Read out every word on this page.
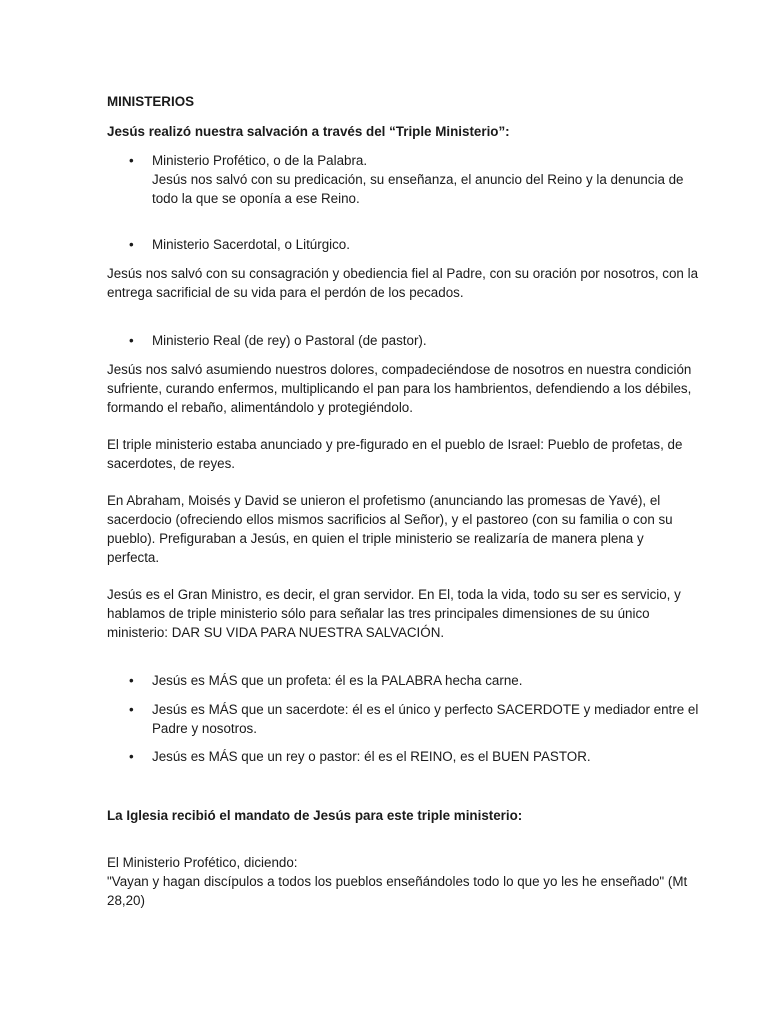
MINISTERIOS

Jesús realizó nuestra salvación a través del “Triple Ministerio”:

• Ministerio Profético, o de la Palabra.
Jesús nos salvó con su predicación, su enseñanza, el anuncio del Reino y la denuncia de
todo la que se oponía a ese Reino.
• Ministerio Sacerdotal, o Litúrgico.
Jesús nos salvó con su consagración y obediencia fiel al Padre, con su oración por nosotros, con la
entrega sacrificial de su vida para el perdón de los pecados.
• Ministerio Real (de rey) o Pastoral (de pastor).
Jesús nos salvó asumiendo nuestros dolores, compadeciéndose de nosotros en nuestra condición
sufriente, curando enfermos, multiplicando el pan para los hambrientos, defendiendo a los débiles,
formando el rebaño, alimentándolo y protegiéndolo.
El triple ministerio estaba anunciado y pre-figurado en el pueblo de Israel: Pueblo de profetas, de
sacerdotes, de reyes.
En Abraham, Moisés y David se unieron el profetismo (anunciando las promesas de Yavé), el
sacerdocio (ofreciendo ellos mismos sacrificios al Señor), y el pastoreo (con su familia o con su
pueblo). Prefiguraban a Jesús, en quien el triple ministerio se realizaría de manera plena y
perfecta.
Jesús es el Gran Ministro, es decir, el gran servidor. En El, toda la vida, todo su ser es servicio, y
hablamos de triple ministerio sólo para señalar las tres principales dimensiones de su único
ministerio: DAR SU VIDA PARA NUESTRA SALVACIÓN.
• Jesús es MÁS que un profeta: él es la PALABRA hecha carne.
• Jesús es MÁS que un sacerdote: él es el único y perfecto SACERDOTE y mediador entre el
Padre y nosotros.
• Jesús es MÁS que un rey o pastor: él es el REINO, es el BUEN PASTOR.

La Iglesia recibió el mandato de Jesús para este triple ministerio:

El Ministerio Profético, diciendo:
"Vayan y hagan discípulos a todos los pueblos enseñándoles todo lo que yo les he enseñado" (Mt
28,20)
